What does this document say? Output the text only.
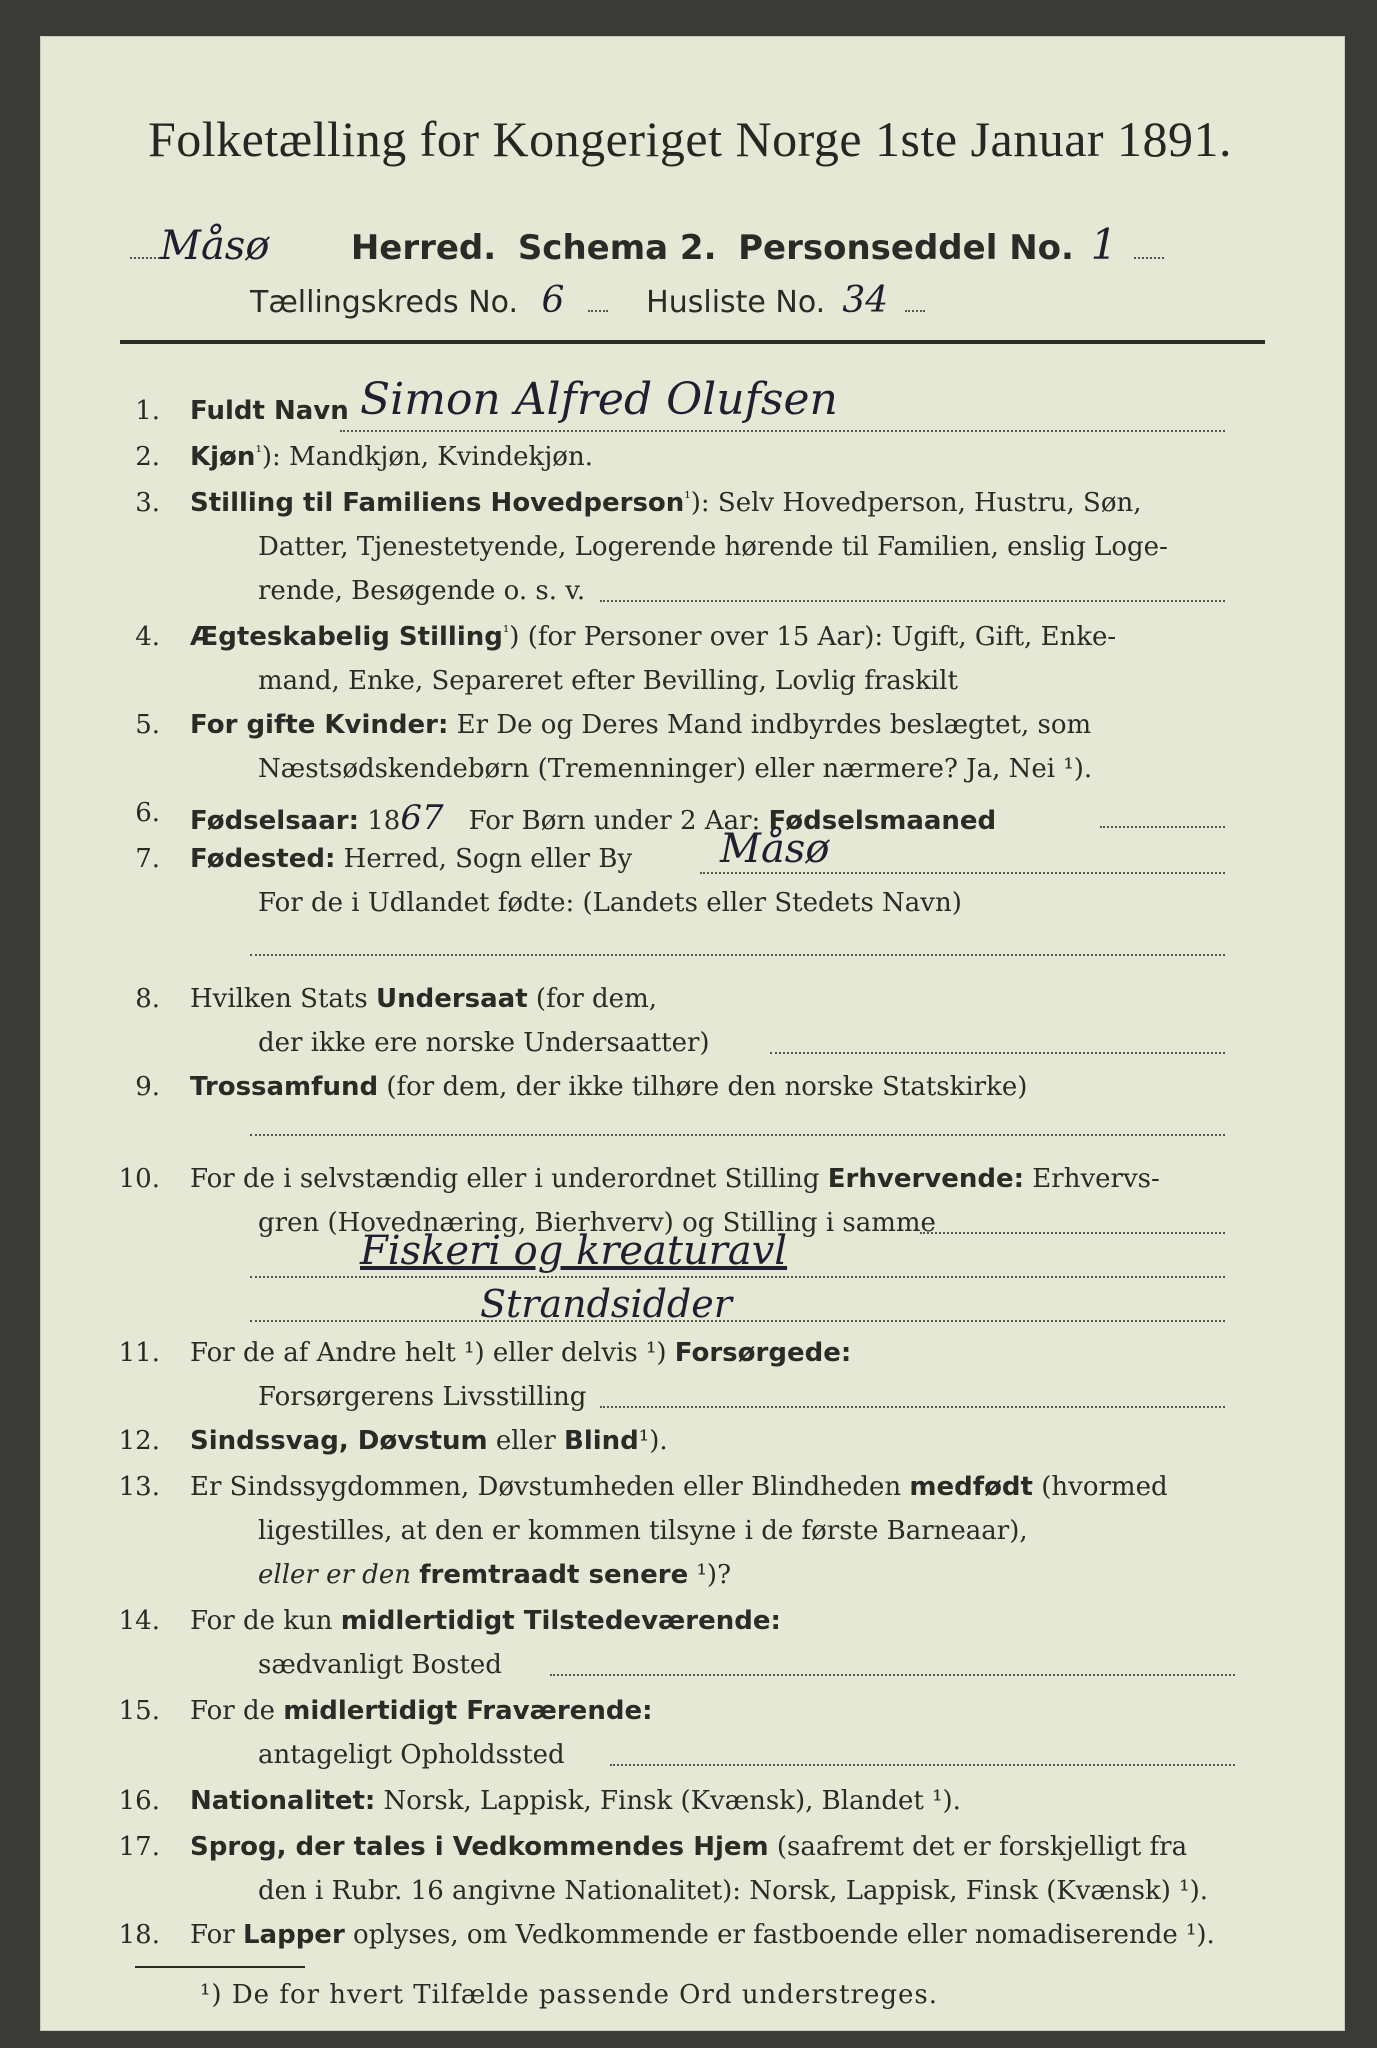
Folketælling for Kongeriget Norge 1ste Januar 1891.
Måsø Herred. Schema 2. Personseddel No. 1
Tællingskreds No. 6	Husliste No. 34
1. Fuldt Navn Simon Alfred Olufsen
2. Kjøn$^{^1}$): Mandkjøn, Kvindekjøn.
3. Stilling til Familiens Hovedperson$^{^1}$): Selv Hovedperson, Hustru, Søn,
Datter, Tjenestetyende, Logerende hørende til Familien, enslig Loge-
rende, Besøgende o. s. v.
4. Ægteskabelig Stilling$^{^1}$) (for Personer over 15 Aar): Ugift, Gift, Enke-
mand, Enke, Separeret efter Bevilling, Lovlig fraskilt
5. For gifte Kvinder: Er De og Deres Mand indbyrdes beslægtet, som
Næstsødskendebørn (Tremenninger) eller nærmere? Ja, Nei ¹).
6. Fødselsaar: 1867 For Børn under 2 Aar: Fødselsmaaned
7. Fødested: Herred, Sogn eller By Måsø
For de i Udlandet fødte: (Landets eller Stedets Navn)
8. Hvilken Stats Undersaat (for dem,
der ikke ere norske Undersaatter)
9. Trossamfund (for dem, der ikke tilhøre den norske Statskirke)
10. For de i selvstændig eller i underordnet Stilling Erhvervende: Erhvervs-
gren (Hovednæring, Bierhverv) og Stilling i samme
Fiskeri og kreaturavl
Strandsidder
11. For de af Andre helt ¹) eller delvis ¹) Forsørgede:
Forsørgerens Livsstilling
12. Sindssvag, Døvstum eller Blind¹).
13. Er Sindssygdommen, Døvstumheden eller Blindheden medfødt (hvormed
ligestilles, at den er kommen tilsyne i de første Barneaar),
eller er den fremtraadt senere ¹)?
14. For de kun midlertidigt Tilstedeværende:
sædvanligt Bosted
15. For de midlertidigt Fraværende:
antageligt Opholdssted
16. Nationalitet: Norsk, Lappisk, Finsk (Kvænsk), Blandet ¹).
17. Sprog, der tales i Vedkommendes Hjem (saafremt det er forskjelligt fra
den i Rubr. 16 angivne Nationalitet): Norsk, Lappisk, Finsk (Kvænsk) ¹).
18. For Lapper oplyses, om Vedkommende er fastboende eller nomadiserende ¹).
¹) De for hvert Tilfælde passende Ord understreges.
